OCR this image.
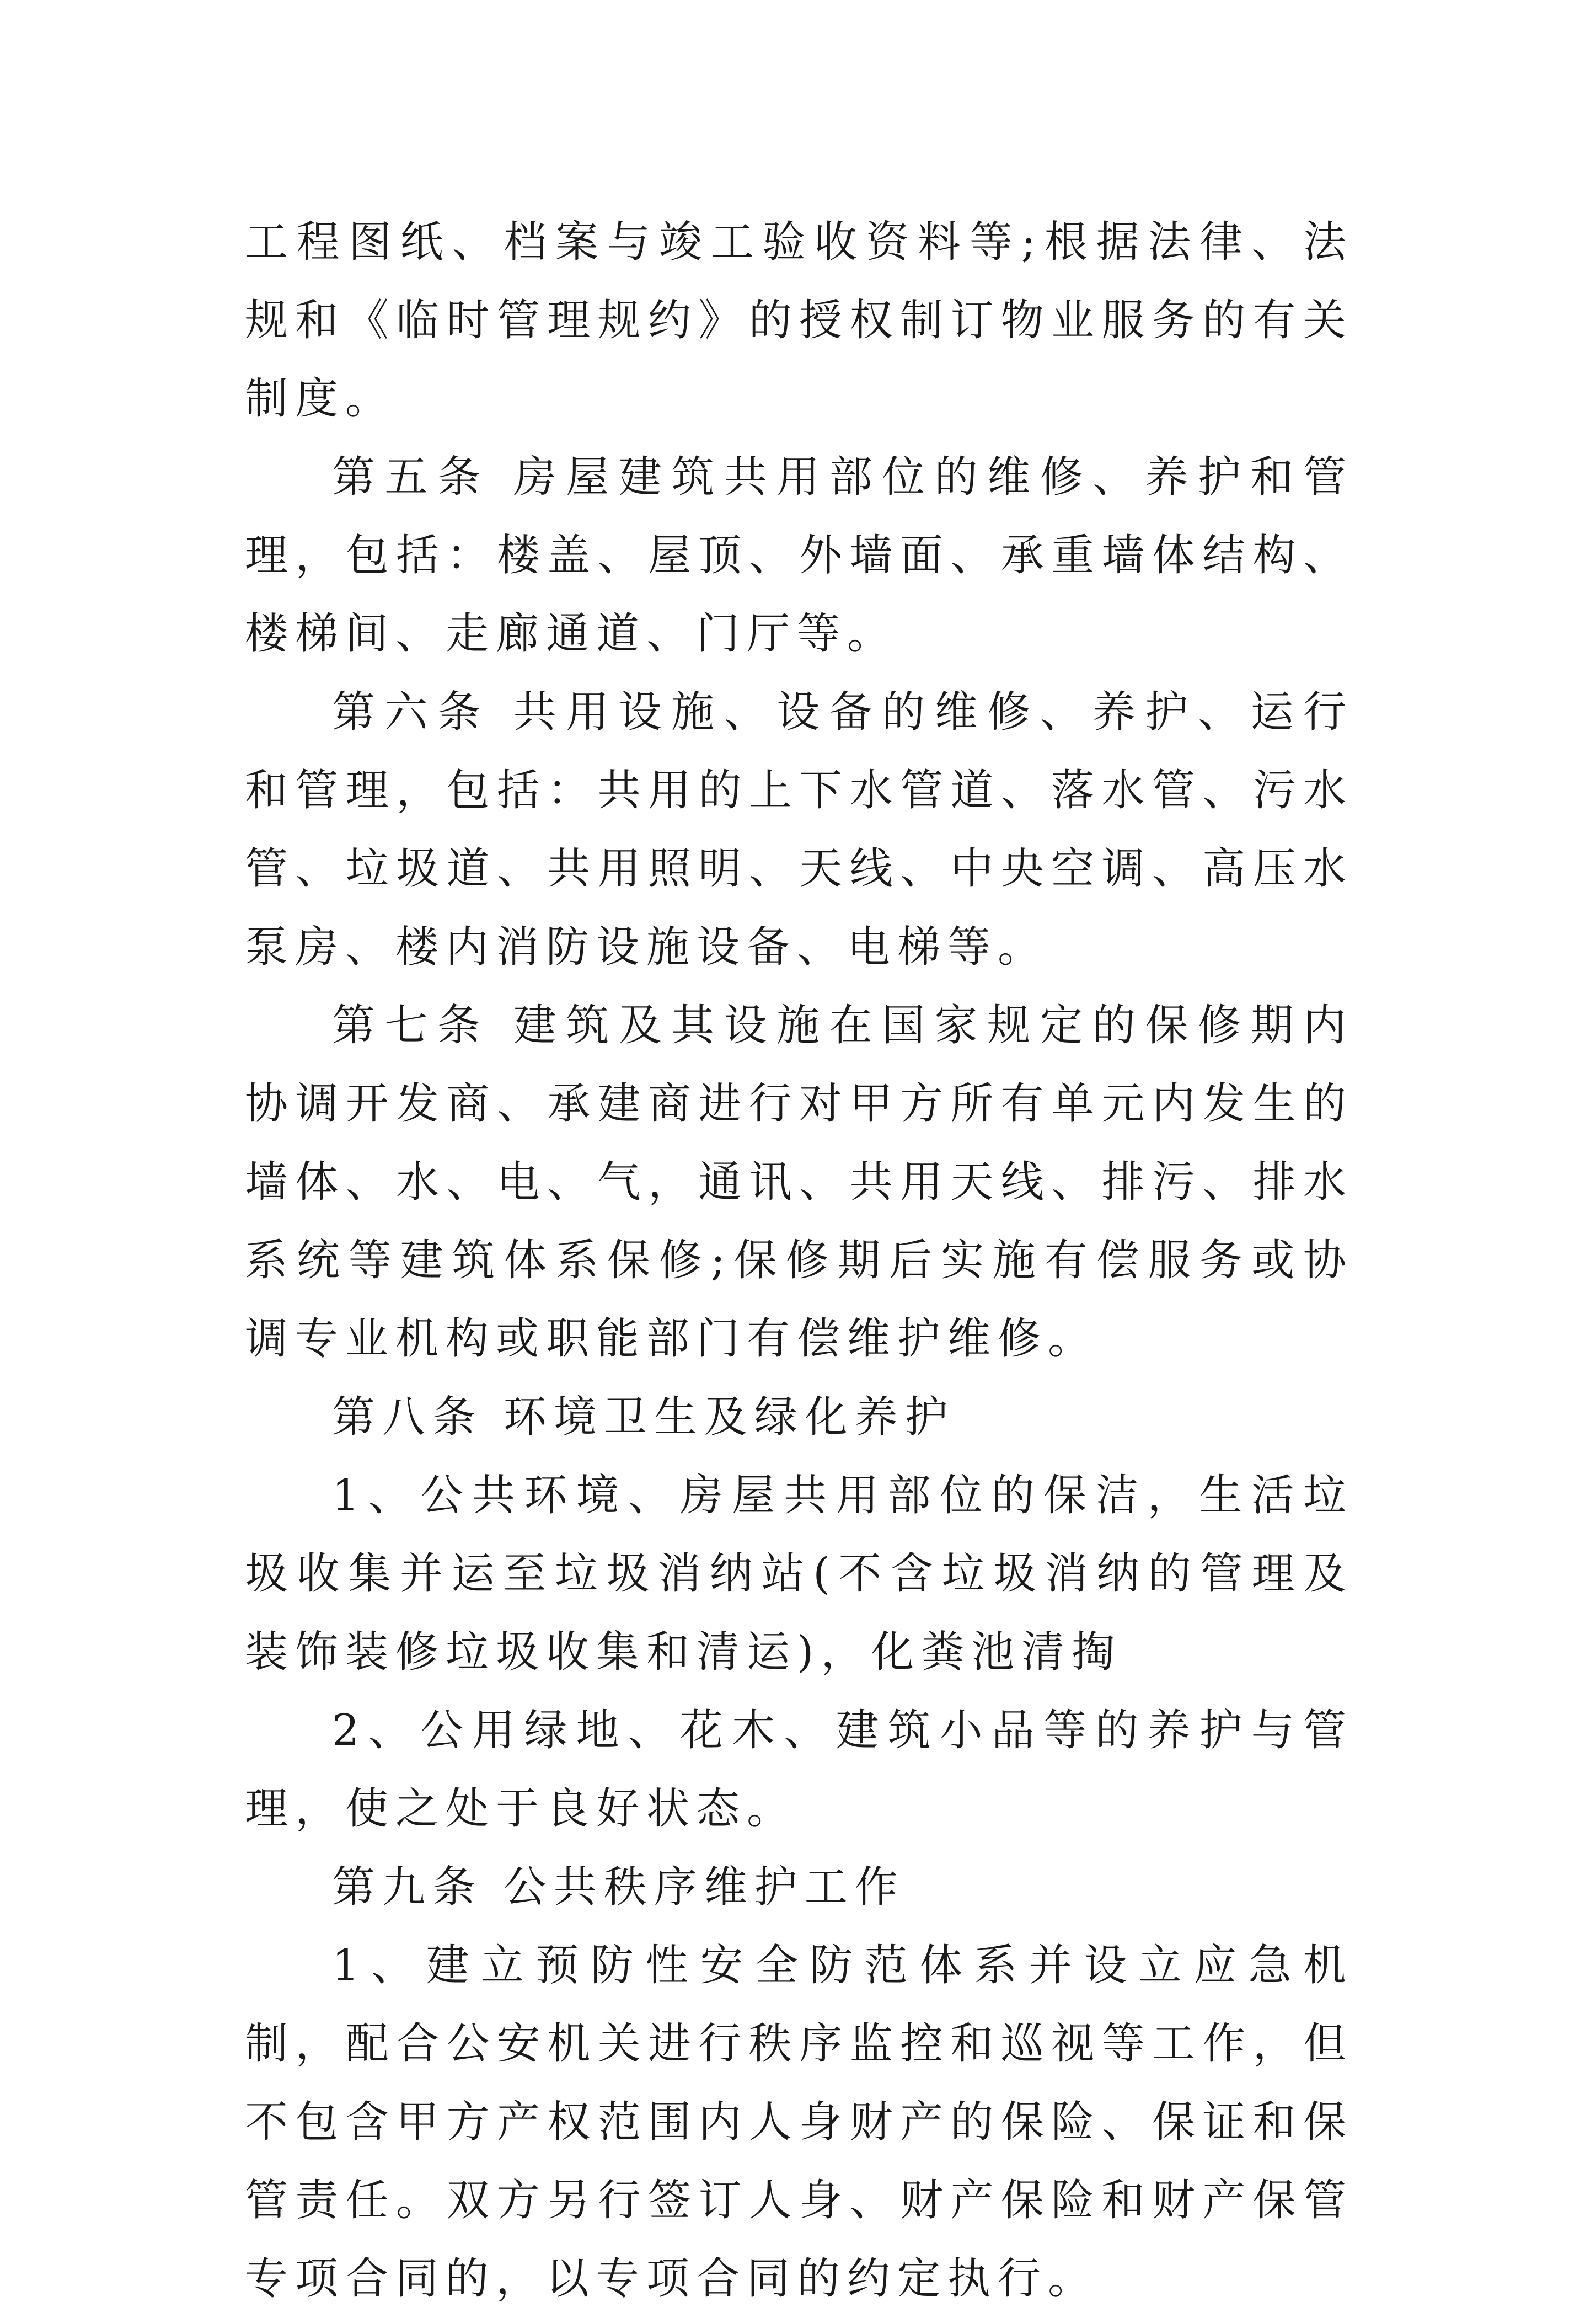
工程图纸、档案与竣工验收资料等;根据法律、法规和《临时管理规约》的授权制订物业服务的有关制度。

第五条 房屋建筑共用部位的维修、养护和管理，包括：楼盖、屋顶、外墙面、承重墙体结构、楼梯间、走廊通道、门厅等。

第六条 共用设施、设备的维修、养护、运行和管理，包括：共用的上下水管道、落水管、污水管、垃圾道、共用照明、天线、中央空调、高压水泵房、楼内消防设施设备、电梯等。

第七条 建筑及其设施在国家规定的保修期内协调开发商、承建商进行对甲方所有单元内发生的墙体、水、电、气，通讯、共用天线、排污、排水系统等建筑体系保修;保修期后实施有偿服务或协调专业机构或职能部门有偿维护维修。

第八条 环境卫生及绿化养护

1、公共环境、房屋共用部位的保洁，生活垃圾收集并运至垃圾消纳站(不含垃圾消纳的管理及装饰装修垃圾收集和清运)，化粪池清掏

2、公用绿地、花木、建筑小品等的养护与管理，使之处于良好状态。

第九条 公共秩序维护工作

1、建立预防性安全防范体系并设立应急机制，配合公安机关进行秩序监控和巡视等工作，但不包含甲方产权范围内人身财产的保险、保证和保管责任。双方另行签订人身、财产保险和财产保管专项合同的，以专项合同的约定执行。
